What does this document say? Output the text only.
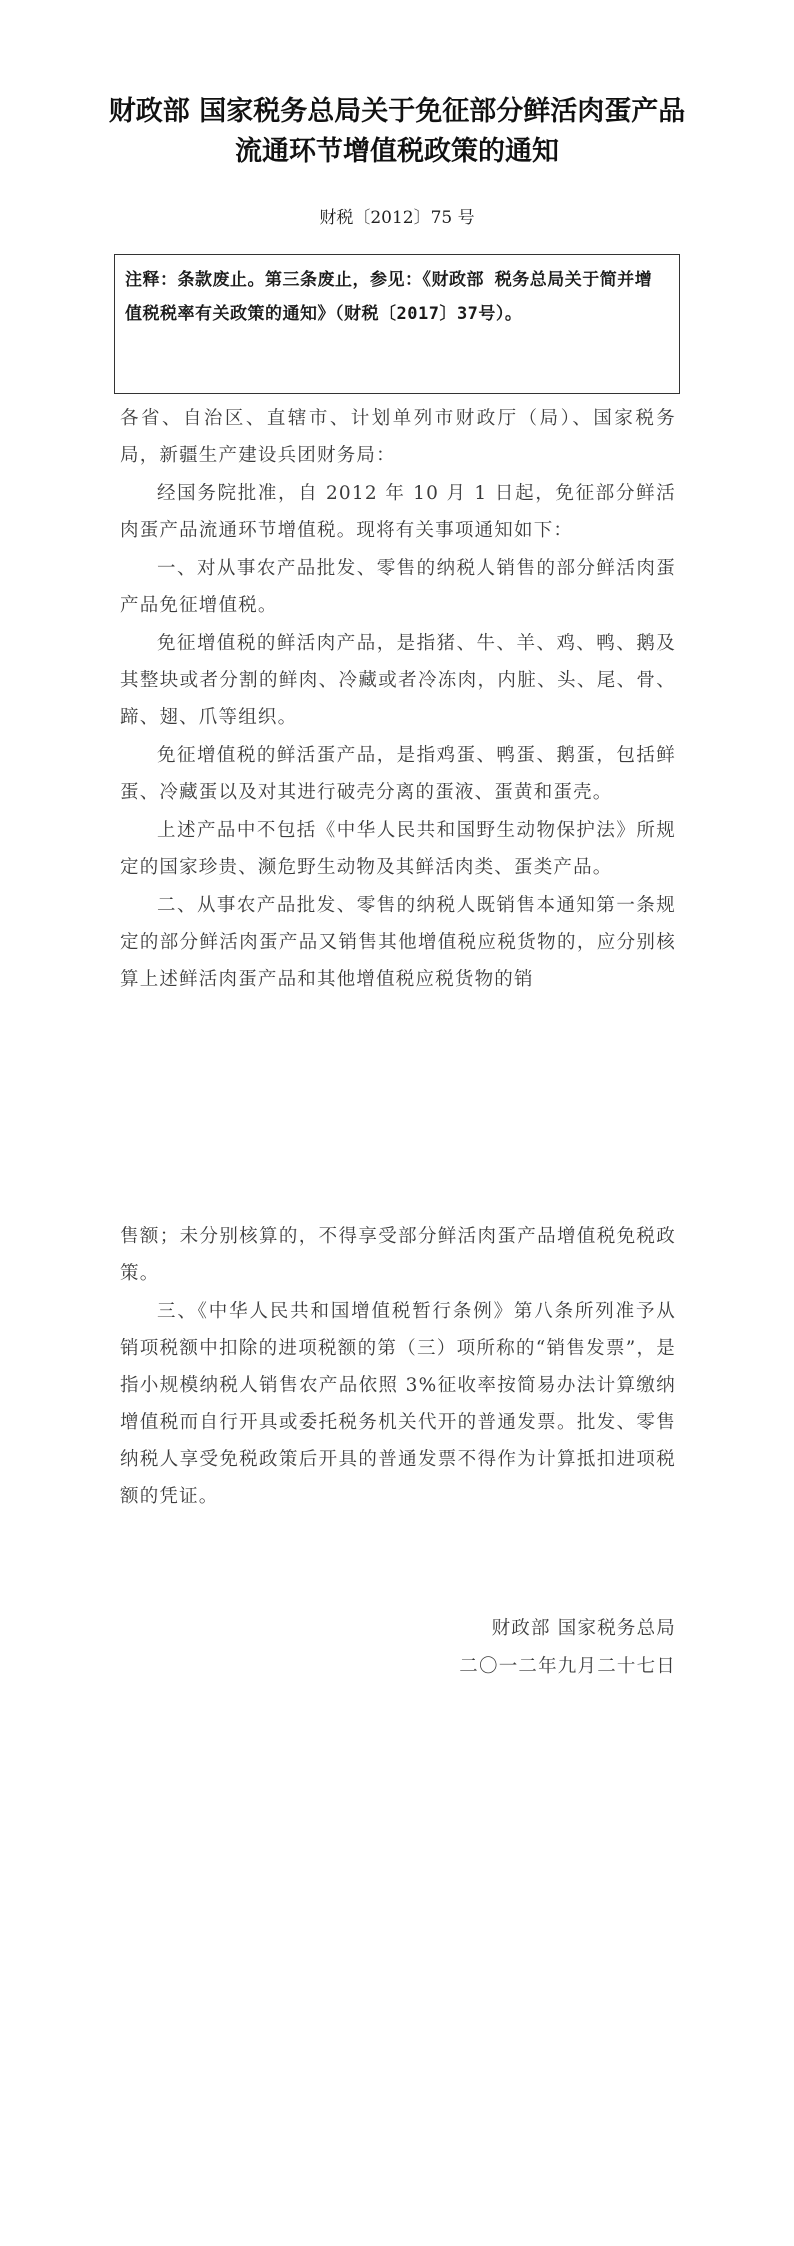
财政部 国家税务总局关于免征部分鲜活肉蛋产品流通环节增值税政策的通知
财税〔2012〕75 号
注释：条款废止。第三条废止，参见：《财政部 税务总局关于简并增值税税率有关政策的通知》（财税〔2017〕37号）。

各省、自治区、直辖市、计划单列市财政厅（局）、国家税务局，新疆生产建设兵团财务局：

经国务院批准，自 2012 年 10 月 1 日起，免征部分鲜活肉蛋产品流通环节增值税。现将有关事项通知如下：

一、对从事农产品批发、零售的纳税人销售的部分鲜活肉蛋产品免征增值税。

免征增值税的鲜活肉产品，是指猪、牛、羊、鸡、鸭、鹅及其整块或者分割的鲜肉、冷藏或者冷冻肉，内脏、头、尾、骨、蹄、翅、爪等组织。

免征增值税的鲜活蛋产品，是指鸡蛋、鸭蛋、鹅蛋，包括鲜蛋、冷藏蛋以及对其进行破壳分离的蛋液、蛋黄和蛋壳。

上述产品中不包括《中华人民共和国野生动物保护法》所规定的国家珍贵、濒危野生动物及其鲜活肉类、蛋类产品。

二、从事农产品批发、零售的纳税人既销售本通知第一条规定的部分鲜活肉蛋产品又销售其他增值税应税货物的，应分别核算上述鲜活肉蛋产品和其他增值税应税货物的销

售额；未分别核算的，不得享受部分鲜活肉蛋产品增值税免税政策。

三、《中华人民共和国增值税暂行条例》第八条所列准予从销项税额中扣除的进项税额的第（三）项所称的“销售发票”，是指小规模纳税人销售农产品依照 3%征收率按简易办法计算缴纳增值税而自行开具或委托税务机关代开的普通发票。批发、零售纳税人享受免税政策后开具的普通发票不得作为计算抵扣进项税额的凭证。

财政部 国家税务总局
二〇一二年九月二十七日
